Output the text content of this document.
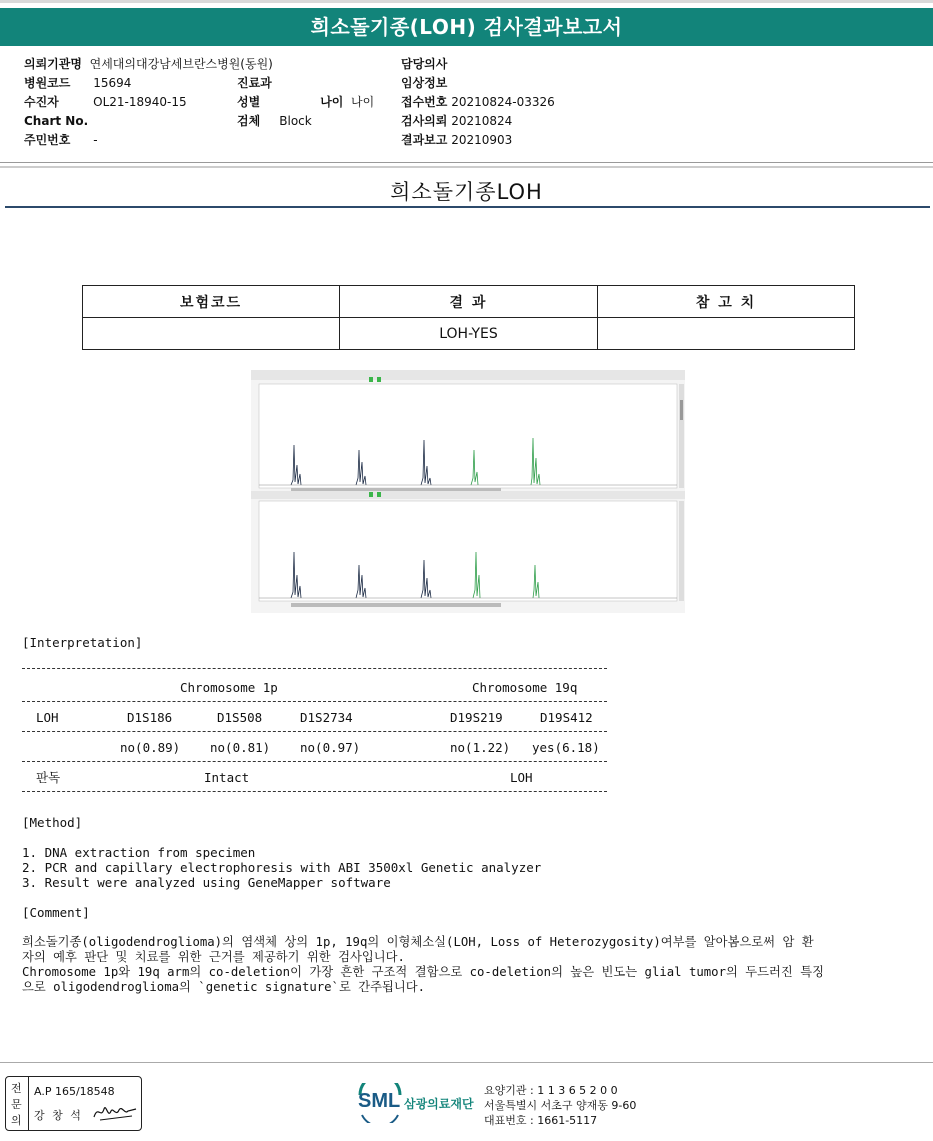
희소돌기종(LOH) 검사결과보고서
의뢰기관명 연세대의대강남세브란스병원(동원)
병원코드 15694
수진자	OL21-18940-15
Chart No.
주민번호 -
진료과
성별	나이 나이
검체 Block
담당의사
임상정보
접수번호 20210824-03326
검사의뢰 20210824
결과보고 20210903
희소돌기종LOH
보험코드	결 과	참 고 치
	LOH-YES	
[Interpretation]
Chromosome 1p	Chromosome 19q
LOH	D1S186	D1S508	D1S2734	D19S219	D19S412
no(0.89) no(0.81) no(0.97)	no(1.22) yes(6.18)
판독	Intact	LOH
[Method]
1. DNA extraction from specimen
2. PCR and capillary electrophoresis with ABI 3500xl Genetic analyzer
3. Result were analyzed using GeneMapper software
[Comment]
희소돌기종(oligodendroglioma)의 염색체 상의 1p, 19q의 이형체소실(LOH, Loss of Heterozygosity)여부를 알아봄으로써 암 환
자의 예후 판단 및 치료를 위한 근거를 제공하기 위한 검사입니다.
Chromosome 1p와 19q arm의 co-deletion이 가장 흔한 구조적 결함으로 co-deletion의 높은 빈도는 glial tumor의 두드러진 특징
으로 oligodendroglioma의 `genetic signature`로 간주됩니다.
전
문
의
A.P 165/18548
강 창 석
SML 삼광의료재단
요양기관 : 1 1 3 6 5 2 0 0
서울특별시 서초구 양재동 9-60
대표번호 : 1661-5117
